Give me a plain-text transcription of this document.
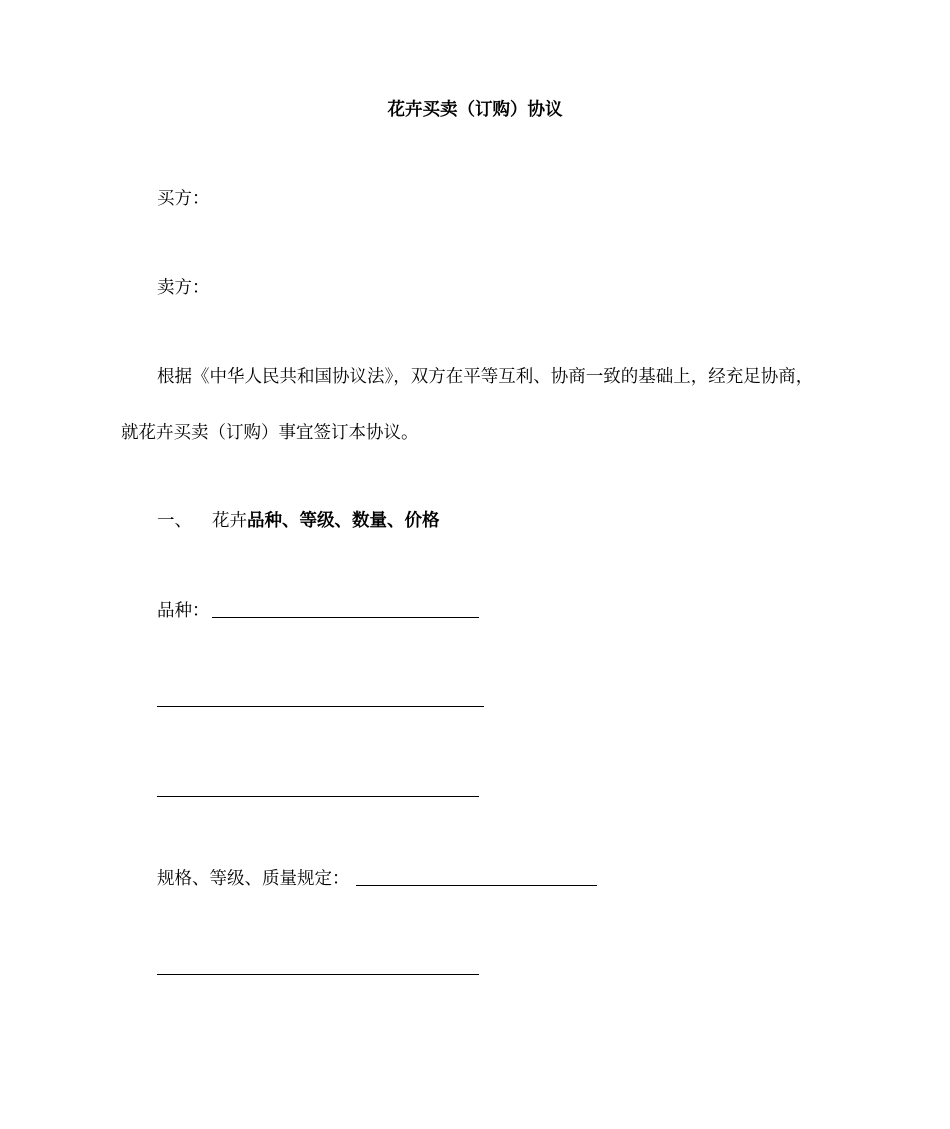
花卉买卖（订购）协议
买方：
卖方：
根据《中华人民共和国协议法》，双方在平等互利、协商一致的基础上，经充足协商，
就花卉买卖（订购）事宜签订本协议。
一、 花卉品种、等级、数量、价格
品种：
规格、等级、质量规定：
